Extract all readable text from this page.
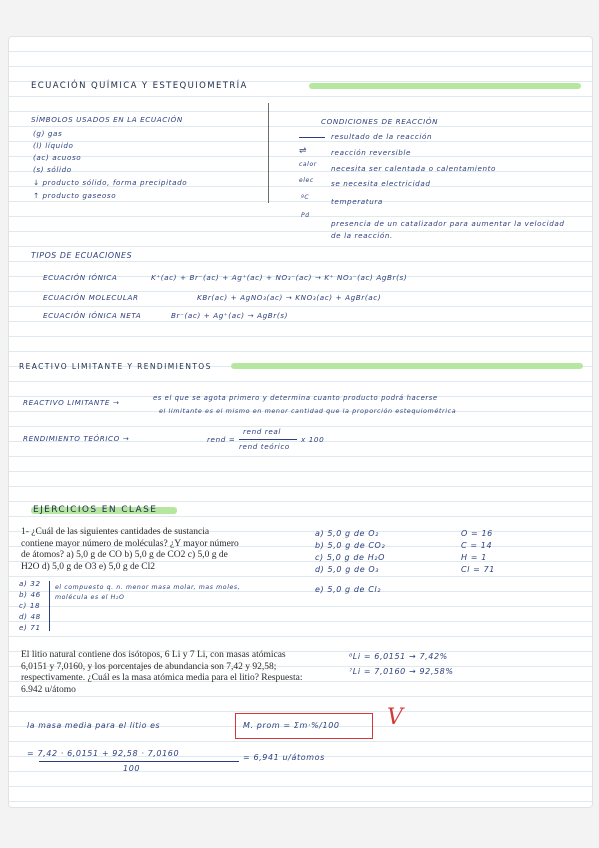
ECUACIÓN QUÍMICA Y ESTEQUIOMETRÍA
SÍMBOLOS USADOS EN LA ECUACIÓN
(g) gas
(l) líquido
(ac) acuoso
(s) sólido
↓ producto sólido, forma precipitado
↑ producto gaseoso
CONDICIONES DE REACCIÓN
resultado de la reacción
⇌	reacción reversible
calor necesita ser calentada o calentamiento
elec se necesita electricidad
ºC	temperatura
Pd
presencia de un catalizador para aumentar la velocidad de la reacción.
TIPOS DE ECUACIONES
ECUACIÓN IÓNICA	K⁺(ac) + Br⁻(ac) + Ag⁺(ac) + NO₃⁻(ac) → K⁺ NO₃⁻(ac) AgBr(s)
ECUACIÓN MOLECULAR	KBr(ac) + AgNO₃(ac) → KNO₃(ac) + AgBr(ac)
ECUACIÓN IÓNICA NETA	Br⁻(ac) + Ag⁺(ac) → AgBr(s)
REACTIVO LIMITANTE Y RENDIMIENTOS
REACTIVO LIMITANTE →	es el que se agota primero y determina cuanto producto podrá hacerse
el limitante es el mismo en menor cantidad que la proporción estequiométrica
RENDIMIENTO TEÓRICO →	rend =
rend real
rend teórico
x 100
EJERCICIOS EN CLASE
1- ¿Cuál de las siguientes cantidades de sustancia contiene mayor número de moléculas? ¿Y mayor número de átomos? a) 5,0 g de CO b) 5,0 g de CO2 c) 5,0 g de H2O d) 5,0 g de O3 e) 5,0 g de Cl2
a) 5,0 g de O₂
b) 5,0 g de CO₂
c) 5,0 g de H₂O
d) 5,0 g de O₃
e) 5,0 g de Cl₂
O = 16
C = 14
H = 1
Cl = 71
a) 32
b) 46
c) 18
d) 48
e) 71
el compuesto q. n. menor masa molar, mas moles, molécula es el H₂O
El litio natural contiene dos isótopos, 6 Li y 7 Li, con masas atómicas 6,0151 y 7,0160, y los porcentajes de abundancia son 7,42 y 92,58; respectivamente. ¿Cuál es la masa atómica media para el litio? Respuesta: 6.942 u/átomo
⁶Li = 6,0151 → 7,42%
⁷Li = 7,0160 → 92,58%
la masa media para el litio es	M. prom = Σm·%/100 V
= 7,42 · 6,0151 + 92,58 · 7,0160
100
= 6,941 u/átomos
